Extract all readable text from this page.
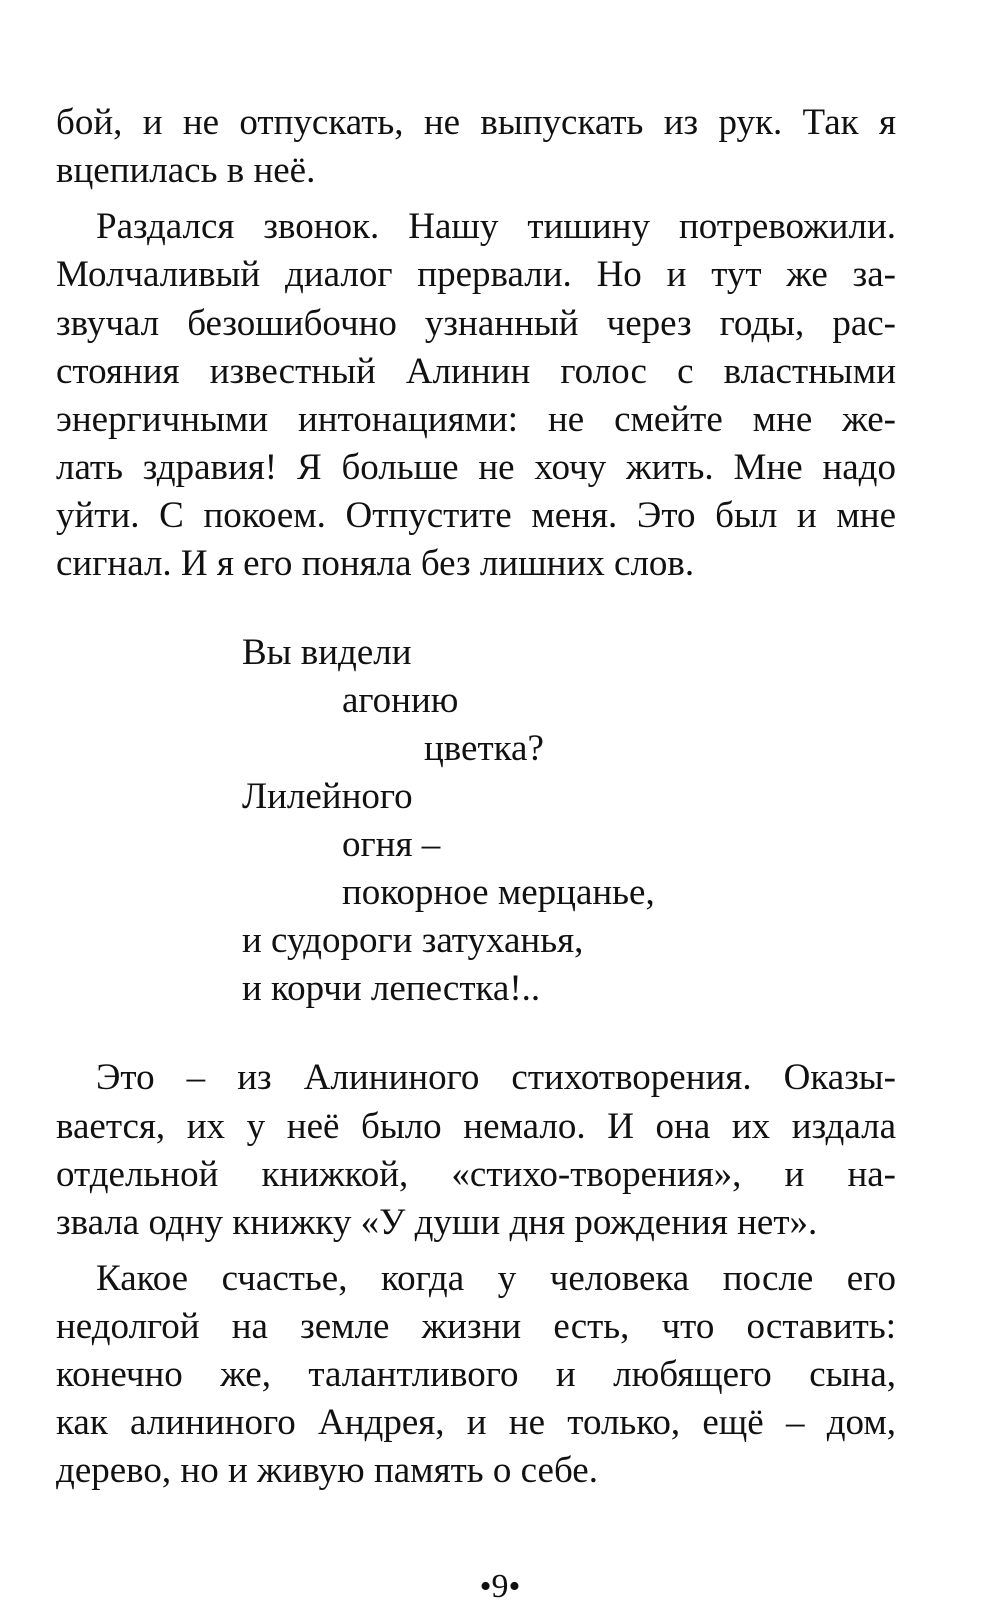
бой, и не отпускать, не выпускать из рук. Так я

вцепилась в неё.

Раздался звонок. Нашу тишину потревожили.

Молчаливый диалог прервали. Но и тут же за-

звучал безошибочно узнанный через годы, рас-

стояния известный Алинин голос с властными

энергичными интонациями: не смейте мне же-

лать здравия! Я больше не хочу жить. Мне надо

уйти. С покоем. Отпустите меня. Это был и мне

сигнал. И я его поняла без лишних слов.

Вы видели

агонию

цветка?

Лилейного

огня –

покорное мерцанье,

и судороги затуханья,

и корчи лепестка!..

Это – из Алининого стихотворения. Оказы-

вается, их у неё было немало. И она их издала

отдельной книжкой, «стихо-творения», и на-

звала одну книжку «У души дня рождения нет».

Какое счастье, когда у человека после его

недолгой на земле жизни есть, что оставить:

конечно же, талантливого и любящего сына,

как алининого Андрея, и не только, ещё – дом,

дерево, но и живую память о себе.

•9•
